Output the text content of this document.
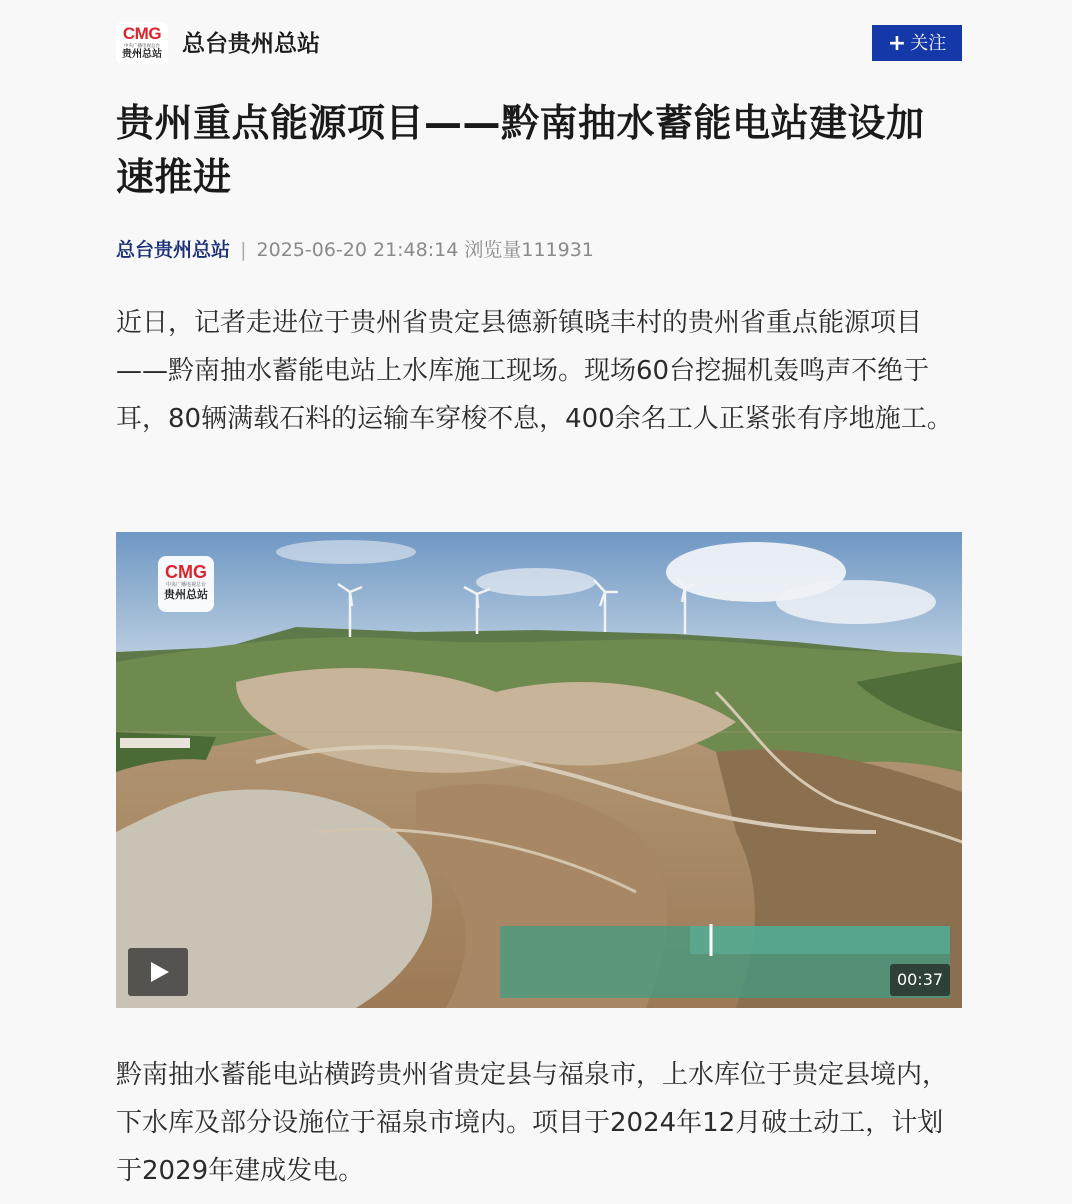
CMG
中央广播电视总台
贵州总站 总台贵州总站	+ 关注
贵州重点能源项目——黔南抽水蓄能电站建设加速推进
总台贵州总站 | 2025-06-20 21:48:14 浏览量111931

近日，记者走进位于贵州省贵定县德新镇晓丰村的贵州省重点能源项目——黔南抽水蓄能电站上水库施工现场。现场60台挖掘机轰鸣声不绝于耳，80辆满载石料的运输车穿梭不息，400余名工人正紧张有序地施工。

CMG
中央广播电视总台
贵州总站
00:37

黔南抽水蓄能电站横跨贵州省贵定县与福泉市，上水库位于贵定县境内，下水库及部分设施位于福泉市境内。项目于2024年12月破土动工，计划于2029年建成发电。
